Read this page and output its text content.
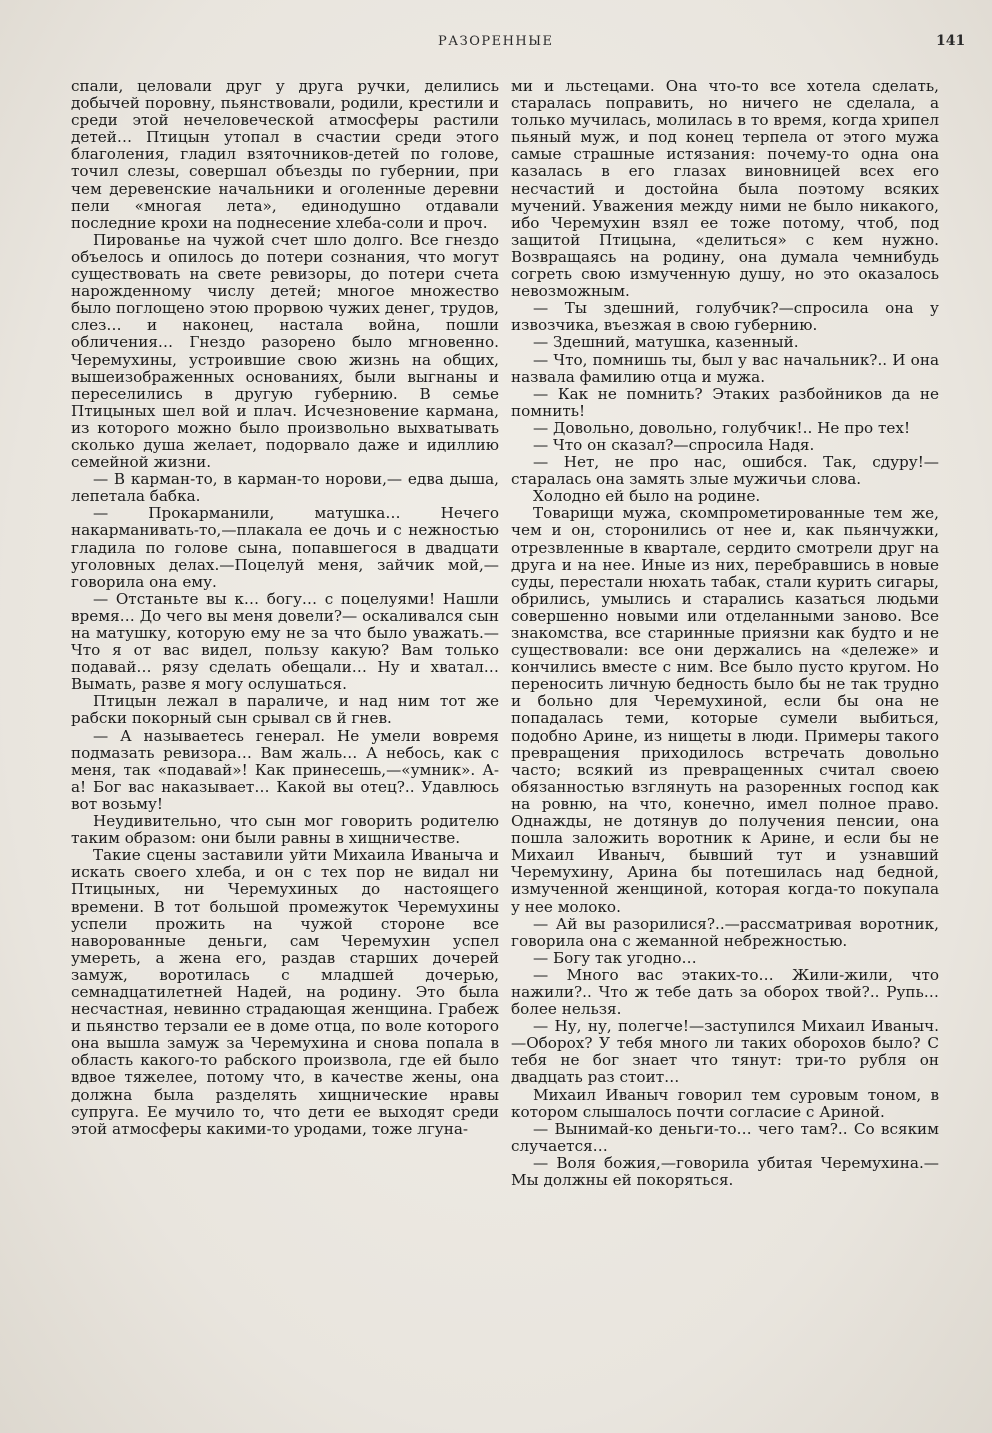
РАЗОРЕННЫЕ	141

спали, целовали друг у друга ручки, делились добычей поровну, пьянствовали, родили, крестили и среди этой нечеловеческой атмосферы растили детей… Птицын утопал в счастии среди этого благоления, гладил взяточников-детей по голове, точил слезы, совершал объезды по губернии, при чем деревенские начальники и оголенные деревни пели «многая лета», единодушно отдавали последние крохи на поднесение хлеба-соли и проч.

Пированье на чужой счет шло долго. Все гнездо объелось и опилось до потери сознания, что могут существовать на свете ревизоры, до потери счета нарожденному числу детей; многое множество было поглощено этою прорвою чужих денег, трудов, слез… и наконец, настала война, пошли обличения… Гнездо разорено было мгновенно. Черемухины, устроившие свою жизнь на общих, вышеизображенных основаниях, были выгнаны и переселились в другую губернию. В семье Птицыных шел вой и плач. Исчезновение кармана, из которого можно было произвольно выхватывать сколько душа желает, подорвало даже и идиллию семейной жизни.

— В карман-то, в карман-то норови,— едва дыша, лепетала бабка.

— Прокарманили, матушка… Нечего накарманивать-то,—плакала ее дочь и с нежностью гладила по голове сына, попавшегося в двадцати уголовных делах.—Поцелуй меня, зайчик мой,—говорила она ему.

— Отстаньте вы к… богу… с поцелуями! Нашли время… До чего вы меня довели?— оскаливался сын на матушку, которую ему не за что было уважать.—Что я от вас видел, пользу какую? Вам только подавай… рязу сделать обещали… Ну и хватал… Вымать, разве я могу ослушаться.

Птицын лежал в параличе, и над ним тот же рабски покорный сын срывал св й гнев.

— А называетесь генерал. Не умели вовремя подмазать ревизора… Вам жаль… А небось, как с меня, так «подавай»! Как принесешь,—«умник». А-а! Бог вас наказывает… Какой вы отец?.. Удавлюсь вот возьму!

Неудивительно, что сын мог говорить родителю таким образом: они были равны в хищничестве.

Такие сцены заставили уйти Михаила Иваныча и искать своего хлеба, и он с тех пор не видал ни Птицыных, ни Черемухиных до настоящего времени. В тот большой промежуток Черемухины успели прожить на чужой стороне все наворованные деньги, сам Черемухин успел умереть, а жена его, раздав старших дочерей замуж, воротилась с младшей дочерью, семнадцатилетней Надей, на родину. Это была несчастная, невинно страдающая женщина. Грабеж и пьянство терзали ее в доме отца, по воле которого она вышла замуж за Черемухина и снова попала в область какого-то рабского произвола, где ей было вдвое тяжелее, потому что, в качестве жены, она должна была разделять хищнические нравы супруга. Ее мучило то, что дети ее выходят среди этой атмосферы какими-то уродами, тоже лгуна-

ми и льстецами. Она что-то все хотела сделать, старалась поправить, но ничего не сделала, а только мучилась, молилась в то время, когда хрипел пьяный муж, и под конец терпела от этого мужа самые страшные истязания: почему-то одна она казалась в его глазах виновницей всех его несчастий и достойна была поэтому всяких мучений. Уважения между ними не было никакого, ибо Черемухин взял ее тоже потому, чтоб, под защитой Птицына, «делиться» с кем нужно. Возвращаясь на родину, она думала чемнибудь согреть свою измученную душу, но это оказалось невозможным.

— Ты здешний, голубчик?—спросила она у извозчика, въезжая в свою губернию.

— Здешний, матушка, казенный.

— Что, помнишь ты, был у вас начальник?.. И она назвала фамилию отца и мужа.

— Как не помнить? Этаких разбойников да не помнить!

— Довольно, довольно, голубчик!.. Не про тех!

— Что он сказал?—спросила Надя.

— Нет, не про нас, ошибся. Так, сдуру!— старалась она замять злые мужичьи слова.

Холодно ей было на родине.

Товарищи мужа, скомпрометированные тем же, чем и он, сторонились от нее и, как пьянчужки, отрезвленные в квартале, сердито смотрели друг на друга и на нее. Иные из них, перебравшись в новые суды, перестали нюхать табак, стали курить сигары, обрились, умылись и старались казаться людьми совершенно новыми или отделанными заново. Все знакомства, все старинные приязни как будто и не существовали: все они держались на «дележе» и кончились вместе с ним. Все было пусто кругом. Но переносить личную бедность было бы не так трудно и больно для Черемухиной, если бы она не попадалась теми, которые сумели выбиться, подобно Арине, из нищеты в люди. Примеры такого превращения приходилось встречать довольно часто; всякий из превращенных считал своею обязанностью взглянуть на разоренных господ как на ровню, на что, конечно, имел полное право. Однажды, не дотянув до получения пенсии, она пошла заложить воротник к Арине, и если бы не Михаил Иваныч, бывший тут и узнавший Черемухину, Арина бы потешилась над бедной, измученной женщиной, которая когда-то покупала у нее молоко.

— Ай вы разорилися?..—рассматривая воротник, говорила она с жеманной небрежностью.

— Богу так угодно…

— Много вас этаких-то… Жили-жили, что нажили?.. Что ж тебе дать за оборох твой?.. Рупь… более нельзя.

— Ну, ну, полегче!—заступился Михаил Иваныч.—Оборох? У тебя много ли таких оборохов было? С тебя не бог знает что тянут: три-то рубля он двадцать раз стоит…

Михаил Иваныч говорил тем суровым тоном, в котором слышалось почти согласие с Ариной.

— Вынимай-ко деньги-то… чего там?.. Со всяким случается…

— Воля божия,—говорила убитая Черемухина.—Мы должны ей покоряться.
